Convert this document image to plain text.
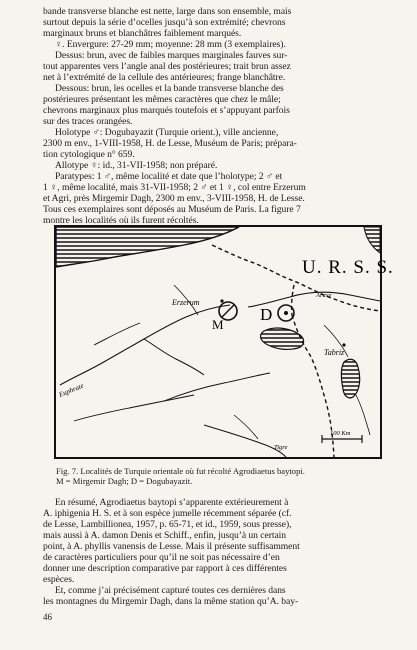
bande transverse blanche est nette, large dans son ensemble, mais
surtout depuis la série d’ocelles jusqu’à son extrémité; chevrons
marginaux bruns et blanchâtres faiblement marqués.
♀. Envergure: 27-29 mm; moyenne: 28 mm (3 exemplaires).
Dessus: brun, avec de faibles marques marginales fauves sur-
tout apparentes vers l’angle anal des postérieures; trait brun assez
net à l’extrémité de la cellule des antérieures; frange blanchâtre.
Dessous: brun, les ocelles et la bande transverse blanche des
postérieures présentant les mêmes caractères que chez le mâle;
chevrons marginaux plus marqués toutefois et s’appuyant parfois
sur des traces orangées.
Holotype ♂: Dogubayazit (Turquie orient.), ville ancienne,
2300 m env., 1-VIII-1958, H. de Lesse, Muséum de Paris; prépara-
tion cytologique n° 659.
Allotype ♀: id., 31-VII-1958; non préparé.
Paratypes: 1 ♂, même localité et date que l’holotype; 2 ♂ et
1 ♀, même localité, mais 31-VII-1958; 2 ♂ et 1 ♀, col entre Erzerum
et Agri, près Mirgemir Dagh, 2300 m env., 3-VIII-1958, H. de Lesse.
Tous ces exemplaires sont déposés au Muséum de Paris. La figure 7
montre les localités où ils furent récoltés.
U. R. S. S.
Erzerum
Araxe
M
D
Tabriz
Euphrate
Tigre
100 Km
Fig. 7. Localités de Turquie orientale où fut récolté Agrodiaetus baytopi.
M = Mirgemir Dagh; D = Dogubayazit.
En résumé, Agrodiaetus baytopi s’apparente extérieurement à
A. iphigenia H. S. et à son espèce jumelle récemment séparée (cf.
de Lesse, Lambillionea, 1957, p. 65-71, et id., 1959, sous presse),
mais aussi à A. damon Denis et Schiff., enfin, jusqu’à un certain
point, à A. phyllis vanensis de Lesse. Mais il présente suffisamment
de caractères particuliers pour qu’il ne soit pas nécessaire d’en
donner une description comparative par rapport à ces différentes
espèces.
Et, comme j’ai précisément capturé toutes ces dernières dans
les montagnes du Mirgemir Dagh, dans la même station qu’A. bay-
46
